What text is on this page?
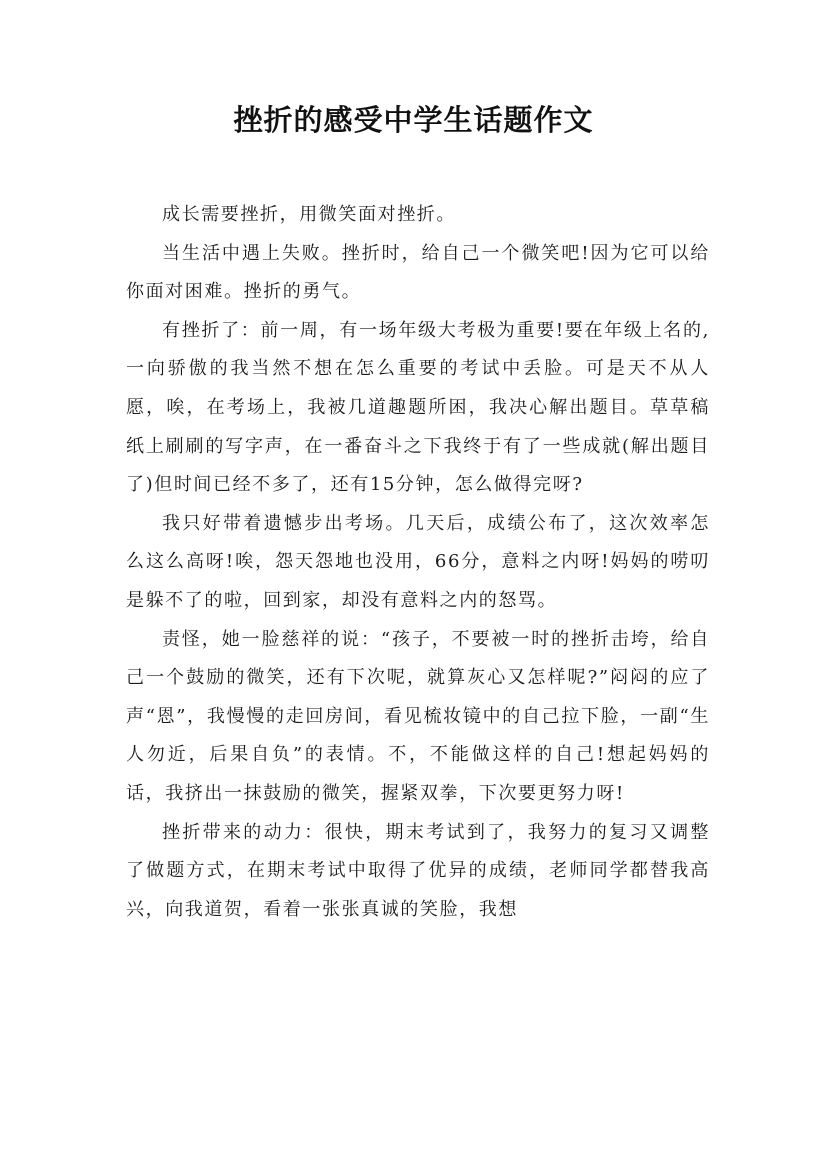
挫折的感受中学生话题作文

成长需要挫折，用微笑面对挫折。

当生活中遇上失败。挫折时，给自己一个微笑吧!因为它可以给你面对困难。挫折的勇气。

有挫折了：前一周，有一场年级大考极为重要!要在年级上名的,一向骄傲的我当然不想在怎么重要的考试中丢脸。可是天不从人愿，唉，在考场上，我被几道趣题所困，我决心解出题目。草草稿纸上刷刷的写字声，在一番奋斗之下我终于有了一些成就(解出题目了)但时间已经不多了，还有15分钟，怎么做得完呀?

我只好带着遗憾步出考场。几天后，成绩公布了，这次效率怎么这么高呀!唉，怨天怨地也没用，66分，意料之内呀!妈妈的唠叨是躲不了的啦，回到家，却没有意料之内的怒骂。

责怪，她一脸慈祥的说：“孩子，不要被一时的挫折击垮，给自己一个鼓励的微笑，还有下次呢，就算灰心又怎样呢?”闷闷的应了声“恩”，我慢慢的走回房间，看见梳妆镜中的自己拉下脸，一副“生人勿近，后果自负”的表情。不，不能做这样的自己!想起妈妈的话，我挤出一抹鼓励的微笑，握紧双拳，下次要更努力呀!

挫折带来的动力：很快，期末考试到了，我努力的复习又调整了做题方式，在期末考试中取得了优异的成绩，老师同学都替我高兴，向我道贺，看着一张张真诚的笑脸，我想
